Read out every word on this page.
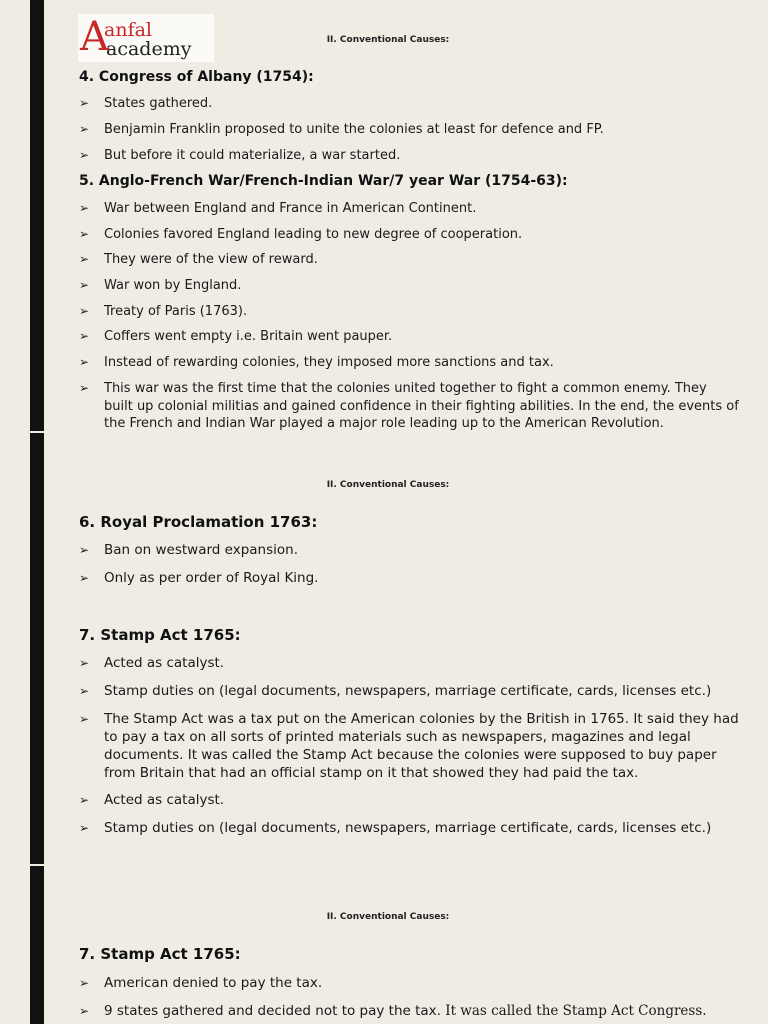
A
anfal
academy	II. Conventional Causes:
4. Congress of Albany (1754):
➢	States gathered.
➢	Benjamin Franklin proposed to unite the colonies at least for defence and FP.
➢	But before it could materialize, a war started.
5. Anglo-French War/French-Indian War/7 year War (1754-63):
➢	War between England and France in American Continent.
➢	Colonies favored England leading to new degree of cooperation.
➢	They were of the view of reward.
➢	War won by England.
➢	Treaty of Paris (1763).
➢	Coffers went empty i.e. Britain went pauper.
➢	Instead of rewarding colonies, they imposed more sanctions and tax.
➢	This war was the first time that the colonies united together to fight a common enemy. They built up colonial militias and gained confidence in their fighting abilities. In the end, the events of the French and Indian War played a major role leading up to the American Revolution.
II. Conventional Causes:
6. Royal Proclamation 1763:
➢	Ban on westward expansion.
➢	Only as per order of Royal King.
7. Stamp Act 1765:
➢	Acted as catalyst.
➢	Stamp duties on (legal documents, newspapers, marriage certificate, cards, licenses etc.)
➢	The Stamp Act was a tax put on the American colonies by the British in 1765. It said they had to pay a tax on all sorts of printed materials such as newspapers, magazines and legal documents. It was called the Stamp Act because the colonies were supposed to buy paper from Britain that had an official stamp on it that showed they had paid the tax.
➢	Acted as catalyst.
➢	Stamp duties on (legal documents, newspapers, marriage certificate, cards, licenses etc.)
II. Conventional Causes:
7. Stamp Act 1765:
➢	American denied to pay the tax.
➢	9 states gathered and decided not to pay the tax. It was called the Stamp Act Congress.
